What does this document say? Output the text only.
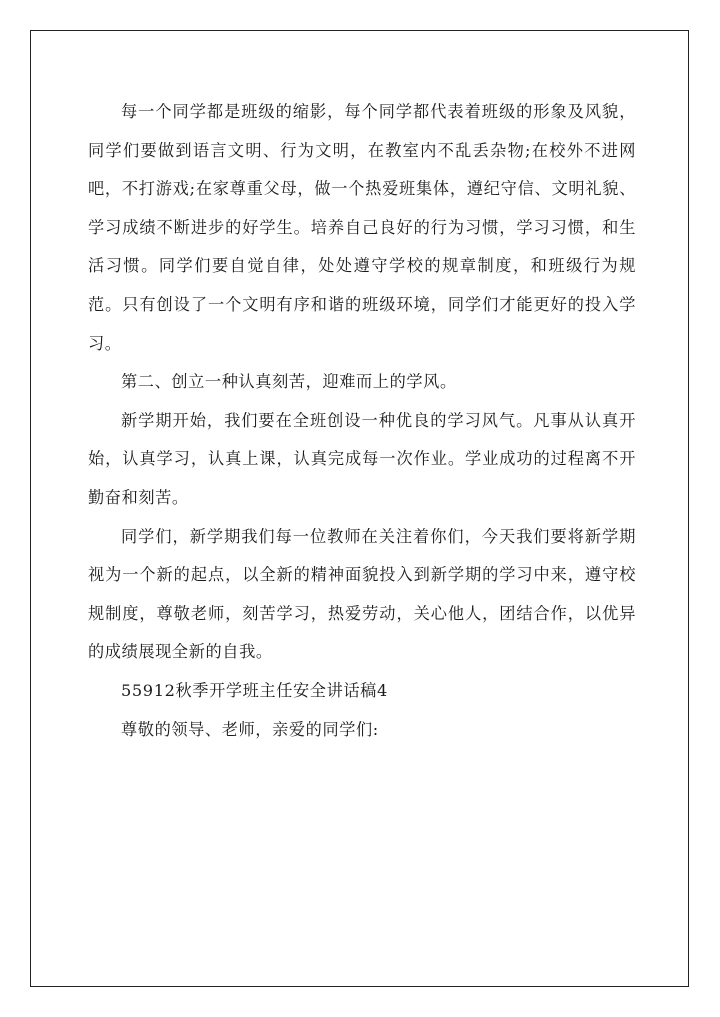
每一个同学都是班级的缩影，每个同学都代表着班级的形象及风貌，同学们要做到语言文明、行为文明，在教室内不乱丢杂物;在校外不进网吧，不打游戏;在家尊重父母，做一个热爱班集体，遵纪守信、文明礼貌、学习成绩不断进步的好学生。培养自己良好的行为习惯，学习习惯，和生活习惯。同学们要自觉自律，处处遵守学校的规章制度，和班级行为规范。只有创设了一个文明有序和谐的班级环境，同学们才能更好的投入学习。

第二、创立一种认真刻苦，迎难而上的学风。

新学期开始，我们要在全班创设一种优良的学习风气。凡事从认真开始，认真学习，认真上课，认真完成每一次作业。学业成功的过程离不开勤奋和刻苦。

同学们，新学期我们每一位教师在关注着你们，今天我们要将新学期视为一个新的起点，以全新的精神面貌投入到新学期的学习中来，遵守校规制度，尊敬老师，刻苦学习，热爱劳动，关心他人，团结合作，以优异的成绩展现全新的自我。

55912秋季开学班主任安全讲话稿4

尊敬的领导、老师，亲爱的同学们:
